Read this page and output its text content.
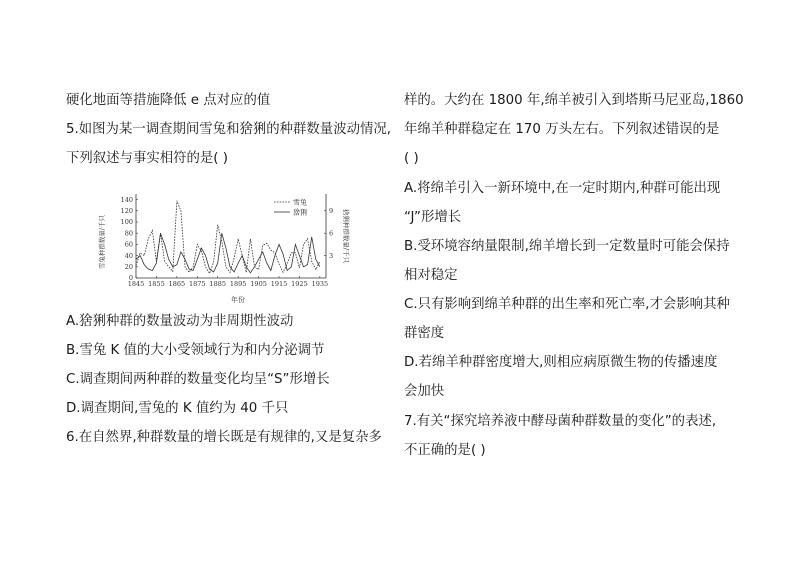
硬化地面等措施降低 e 点对应的值
5.如图为某一调查期间雪兔和猞猁的种群数量波动情况,
下列叙述与事实相符的是( )
雪兔种群数量/千只	猞猁种群数量/千只
年份
1845 1855 1865 1875 1885 1895 1905 1915 1925 1935
0
20
40
60
80
100
120
140
3
6
9
雪兔
猞猁
A.猞猁种群的数量波动为非周期性波动
B.雪兔 K 值的大小受领域行为和内分泌调节
C.调查期间两种群的数量变化均呈“S”形增长
D.调查期间,雪兔的 K 值约为 40 千只
6.在自然界,种群数量的增长既是有规律的,又是复杂多
样的。大约在 1800 年,绵羊被引入到塔斯马尼亚岛,1860
年绵羊种群稳定在 170 万头左右。下列叙述错误的是
( )
A.将绵羊引入一新环境中,在一定时期内,种群可能出现
“J”形增长
B.受环境容纳量限制,绵羊增长到一定数量时可能会保持
相对稳定
C.只有影响到绵羊种群的出生率和死亡率,才会影响其种
群密度
D.若绵羊种群密度增大,则相应病原微生物的传播速度
会加快
7.有关“探究培养液中酵母菌种群数量的变化”的表述,
不正确的是( )
